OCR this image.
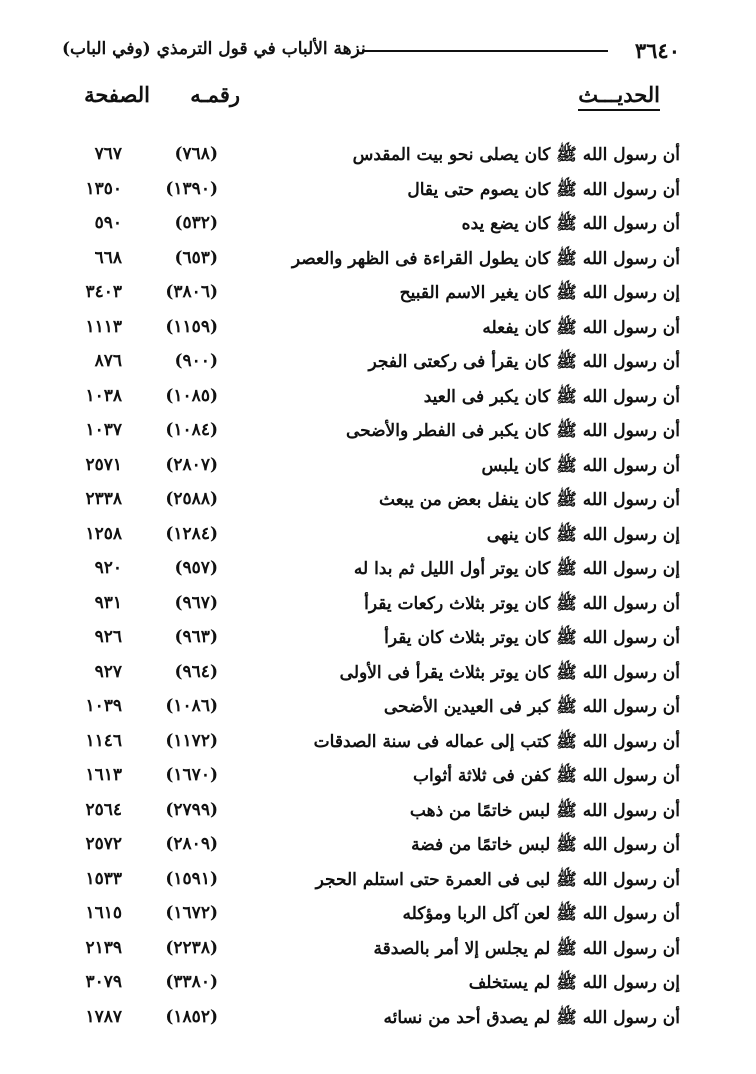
٣٦٤٠
نزهة الألباب في قول الترمذي (وفي الباب)
الحديـــث
رقمـه
الصفحة
أن رسول الله ﷺ كان يصلى نحو بيت المقدس
(٧٦٨)
٧٦٧
أن رسول الله ﷺ كان يصوم حتى يقال
(١٣٩٠)
١٣٥٠
أن رسول الله ﷺ كان يضع يده
(٥٣٢)
٥٩٠
أن رسول الله ﷺ كان يطول القراءة فى الظهر والعصر
(٦٥٣)
٦٦٨
إن رسول الله ﷺ كان يغير الاسم القبيح
(٣٨٠٦)
٣٤٠٣
أن رسول الله ﷺ كان يفعله
(١١٥٩)
١١١٣
أن رسول الله ﷺ كان يقرأ فى ركعتى الفجر
(٩٠٠)
٨٧٦
أن رسول الله ﷺ كان يكبر فى العيد
(١٠٨٥)
١٠٣٨
أن رسول الله ﷺ كان يكبر فى الفطر والأضحى
(١٠٨٤)
١٠٣٧
أن رسول الله ﷺ كان يلبس
(٢٨٠٧)
٢٥٧١
أن رسول الله ﷺ كان ينفل بعض من يبعث
(٢٥٨٨)
٢٣٣٨
إن رسول الله ﷺ كان ينهى
(١٢٨٤)
١٢٥٨
إن رسول الله ﷺ كان يوتر أول الليل ثم بدا له
(٩٥٧)
٩٢٠
أن رسول الله ﷺ كان يوتر بثلاث ركعات يقرأ
(٩٦٧)
٩٣١
أن رسول الله ﷺ كان يوتر بثلاث كان يقرأ
(٩٦٣)
٩٢٦
أن رسول الله ﷺ كان يوتر بثلاث يقرأ فى الأولى
(٩٦٤)
٩٢٧
أن رسول الله ﷺ كبر فى العيدين الأضحى
(١٠٨٦)
١٠٣٩
أن رسول الله ﷺ كتب إلى عماله فى سنة الصدقات
(١١٧٢)
١١٤٦
أن رسول الله ﷺ كفن فى ثلاثة أثواب
(١٦٧٠)
١٦١٣
أن رسول الله ﷺ لبس خاتمًا من ذهب
(٢٧٩٩)
٢٥٦٤
أن رسول الله ﷺ لبس خاتمًا من فضة
(٢٨٠٩)
٢٥٧٢
أن رسول الله ﷺ لبى فى العمرة حتى استلم الحجر
(١٥٩١)
١٥٣٣
أن رسول الله ﷺ لعن آكل الربا ومؤكله
(١٦٧٢)
١٦١٥
أن رسول الله ﷺ لم يجلس إلا أمر بالصدقة
(٢٢٣٨)
٢١٣٩
إن رسول الله ﷺ لم يستخلف
(٣٣٨٠)
٣٠٧٩
أن رسول الله ﷺ لم يصدق أحد من نسائه
(١٨٥٢)
١٧٨٧
